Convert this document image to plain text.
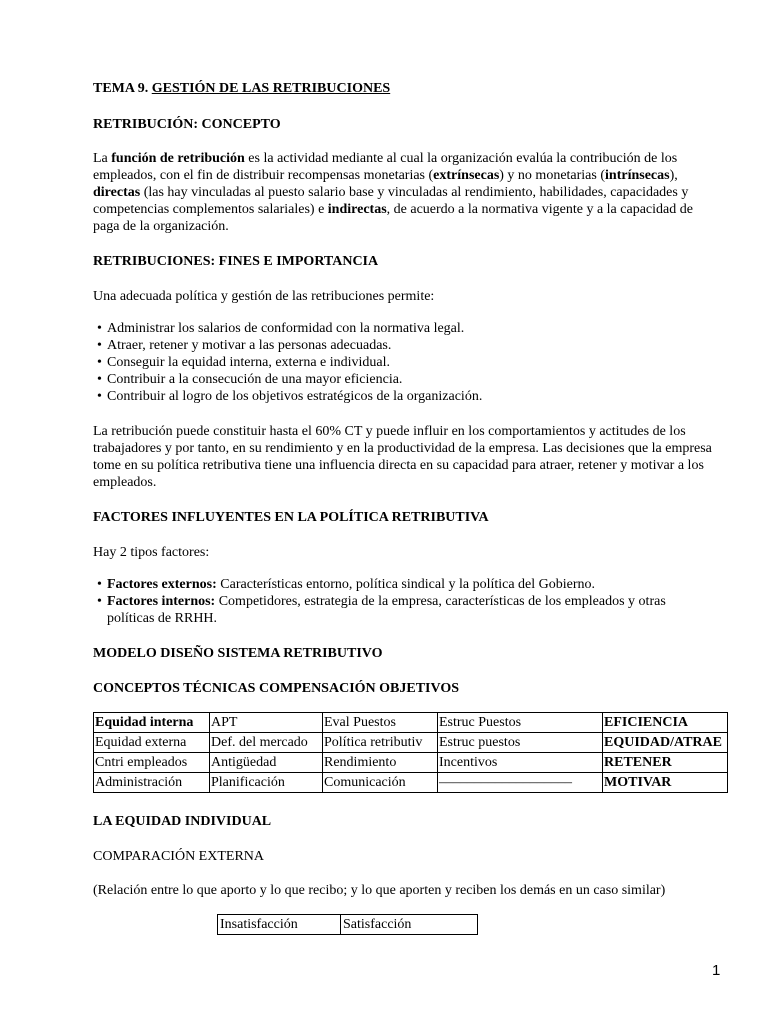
TEMA 9. GESTIÓN DE LAS RETRIBUCIONES

RETRIBUCIÓN: CONCEPTO

La función de retribución es la actividad mediante al cual la organización evalúa la contribución de los empleados, con el fin de distribuir recompensas monetarias (extrínsecas) y no monetarias (intrínsecas), directas (las hay vinculadas al puesto salario base y vinculadas al rendimiento, habilidades, capacidades y competencias complementos salariales) e indirectas, de acuerdo a la normativa vigente y a la capacidad de paga de la organización.

RETRIBUCIONES: FINES E IMPORTANCIA

Una adecuada política y gestión de las retribuciones permite:

• Administrar los salarios de conformidad con la normativa legal.
• Atraer, retener y motivar a las personas adecuadas.
• Conseguir la equidad interna, externa e individual.
• Contribuir a la consecución de una mayor eficiencia.
• Contribuir al logro de los objetivos estratégicos de la organización.

La retribución puede constituir hasta el 60% CT y puede influir en los comportamientos y actitudes de los trabajadores y por tanto, en su rendimiento y en la productividad de la empresa. Las decisiones que la empresa tome en su política retributiva tiene una influencia directa en su capacidad para atraer, retener y motivar a los empleados.

FACTORES INFLUYENTES EN LA POLÍTICA RETRIBUTIVA

Hay 2 tipos factores:

• Factores externos: Características entorno, política sindical y la política del Gobierno.
• Factores internos: Competidores, estrategia de la empresa, características de los empleados y otras políticas de RRHH.

MODELO DISEÑO SISTEMA RETRIBUTIVO

CONCEPTOS TÉCNICAS COMPENSACIÓN OBJETIVOS

Equidad interna	APT	Eval Puestos	Estruc Puestos	EFICIENCIA
Equidad externa	Def. del mercado	Política retributiv	Estruc puestos	EQUIDAD/ATRAE
Cntri empleados	Antigüedad	Rendimiento	Incentivos	RETENER
Administración	Planificación	Comunicación	–––––––––––––––––––	MOTIVAR

LA EQUIDAD INDIVIDUAL

COMPARACIÓN EXTERNA

(Relación entre lo que aporto y lo que recibo; y lo que aporten y reciben los demás en un caso similar)

Insatisfacción	Satisfacción
1
